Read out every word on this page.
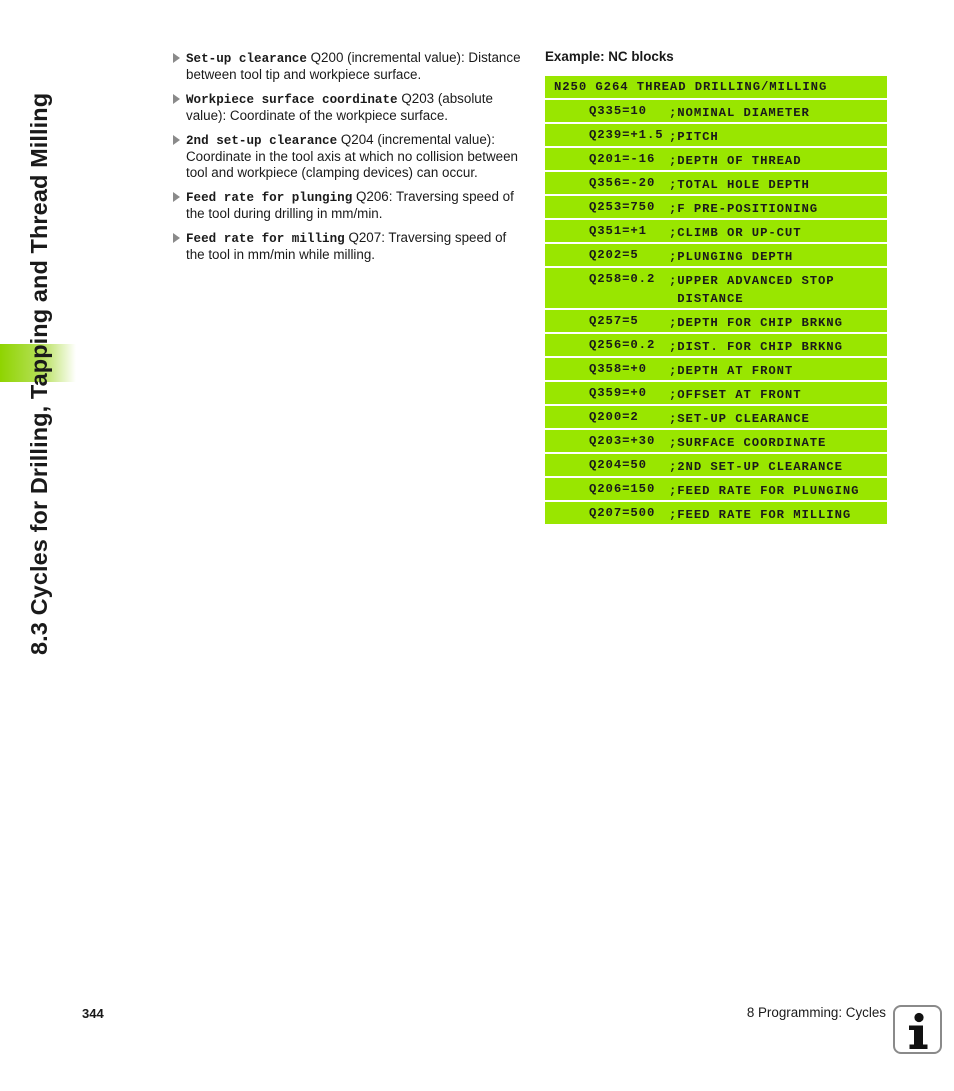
8.3 Cycles for Drilling, Tapping and Thread Milling
Set-up clearance Q200 (incremental value): Distance between tool tip and workpiece surface.
Workpiece surface coordinate Q203 (absolute value): Coordinate of the workpiece surface.
2nd set-up clearance Q204 (incremental value): Coordinate in the tool axis at which no collision between tool and workpiece (clamping devices) can occur.
Feed rate for plunging Q206: Traversing speed of the tool during drilling in mm/min.
Feed rate for milling Q207: Traversing speed of the tool in mm/min while milling.
Example: NC blocks
N250 G264 THREAD DRILLING/MILLING
Q335=10	;NOMINAL DIAMETER
Q239=+1.5 ;PITCH
Q201=-16	;DEPTH OF THREAD
Q356=-20	;TOTAL HOLE DEPTH
Q253=750	;F PRE-POSITIONING
Q351=+1	;CLIMB OR UP-CUT
Q202=5	;PLUNGING DEPTH
Q258=0.2	;UPPER ADVANCED STOP
DISTANCE
Q257=5	;DEPTH FOR CHIP BRKNG
Q256=0.2	;DIST. FOR CHIP BRKNG
Q358=+0	;DEPTH AT FRONT
Q359=+0	;OFFSET AT FRONT
Q200=2	;SET-UP CLEARANCE
Q203=+30	;SURFACE COORDINATE
Q204=50	;2ND SET-UP CLEARANCE
Q206=150	;FEED RATE FOR PLUNGING
Q207=500	;FEED RATE FOR MILLING
344	8 Programming: Cycles
